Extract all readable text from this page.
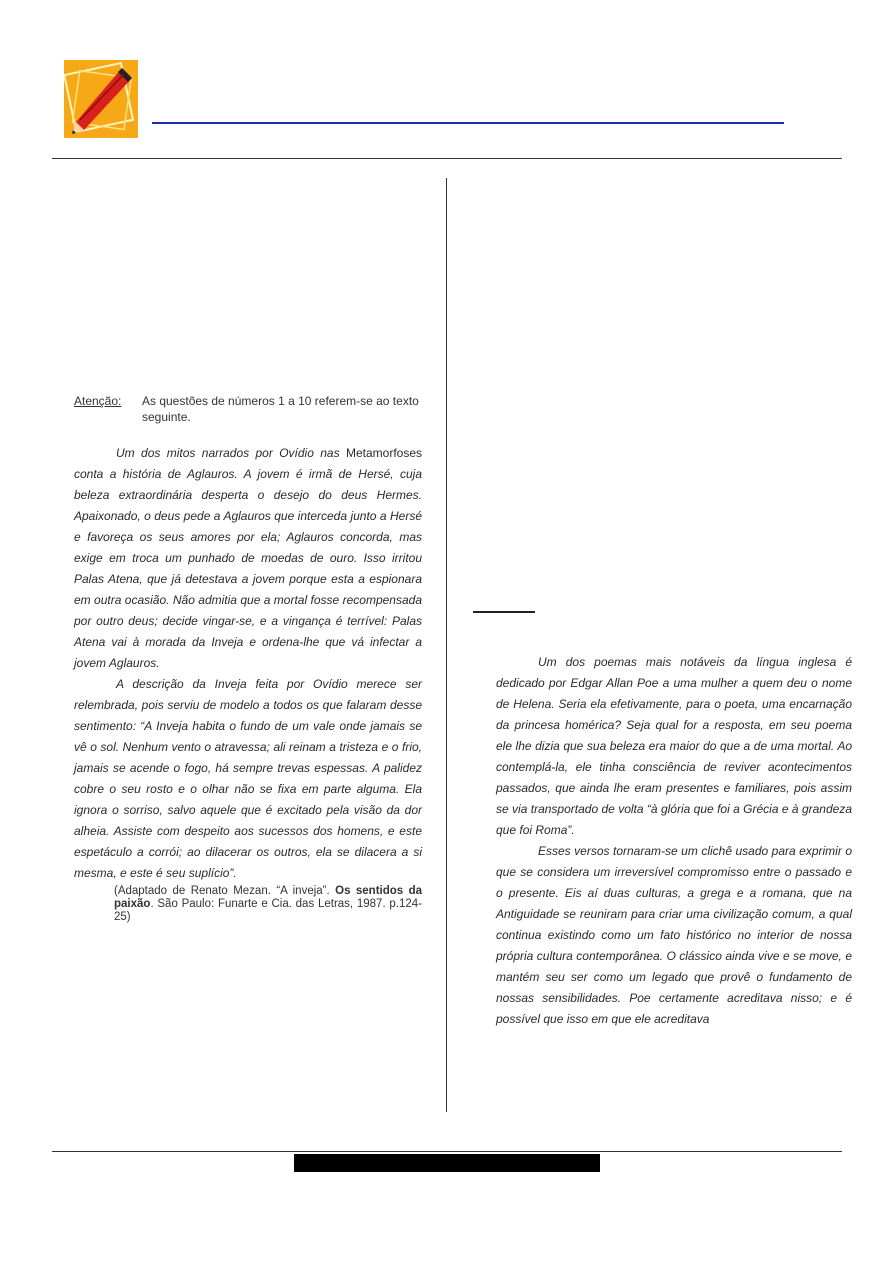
Atenção: As questões de números 1 a 10 referem-se ao texto seguinte.

Um dos mitos narrados por Ovídio nas Metamorfoses conta a história de Aglauros. A jovem é irmã de Hersé, cuja beleza extraordinária desperta o desejo do deus Hermes. Apaixonado, o deus pede a Aglauros que interceda junto a Hersé e favoreça os seus amores por ela; Aglauros concorda, mas exige em troca um punhado de moedas de ouro. Isso irritou Palas Atena, que já detestava a jovem porque esta a espionara em outra ocasião. Não admitia que a mortal fosse recompensada por outro deus; decide vingar-se, e a vingança é terrível: Palas Atena vai à morada da Inveja e ordena-lhe que vá infectar a jovem Aglauros.

A descrição da Inveja feita por Ovídio merece ser relembrada, pois serviu de modelo a todos os que falaram desse sentimento: “A Inveja habita o fundo de um vale onde jamais se vê o sol. Nenhum vento o atravessa; ali reinam a tristeza e o frio, jamais se acende o fogo, há sempre trevas espessas. A palidez cobre o seu rosto e o olhar não se fixa em parte alguma. Ela ignora o sorriso, salvo aquele que é excitado pela visão da dor alheia. Assiste com despeito aos sucessos dos homens, e este espetáculo a corrói; ao dilacerar os outros, ela se dilacera a si mesma, e este é seu suplício”.

(Adaptado de Renato Mezan. “A inveja”. Os sentidos da paixão. São Paulo: Funarte e Cia. das Letras, 1987. p.124-25)

Um dos poemas mais notáveis da língua inglesa é dedicado por Edgar Allan Poe a uma mulher a quem deu o nome de Helena. Seria ela efetivamente, para o poeta, uma encarnação da princesa homérica? Seja qual for a resposta, em seu poema ele lhe dizia que sua beleza era maior do que a de uma mortal. Ao contemplá-la, ele tinha consciência de reviver acontecimentos passados, que ainda lhe eram presentes e familiares, pois assim se via transportado de volta “à glória que foi a Grécia e à grandeza que foi Roma”.

Esses versos tornaram-se um clichê usado para exprimir o que se considera um irreversível compromisso entre o passado e o presente. Eis aí duas culturas, a grega e a romana, que na Antiguidade se reuniram para criar uma civilização comum, a qual continua existindo como um fato histórico no interior de nossa própria cultura contemporânea. O clássico ainda vive e se move, e mantém seu ser como um legado que provê o fundamento de nossas sensibilidades. Poe certamente acreditava nisso; e é possível que isso em que ele acreditava
